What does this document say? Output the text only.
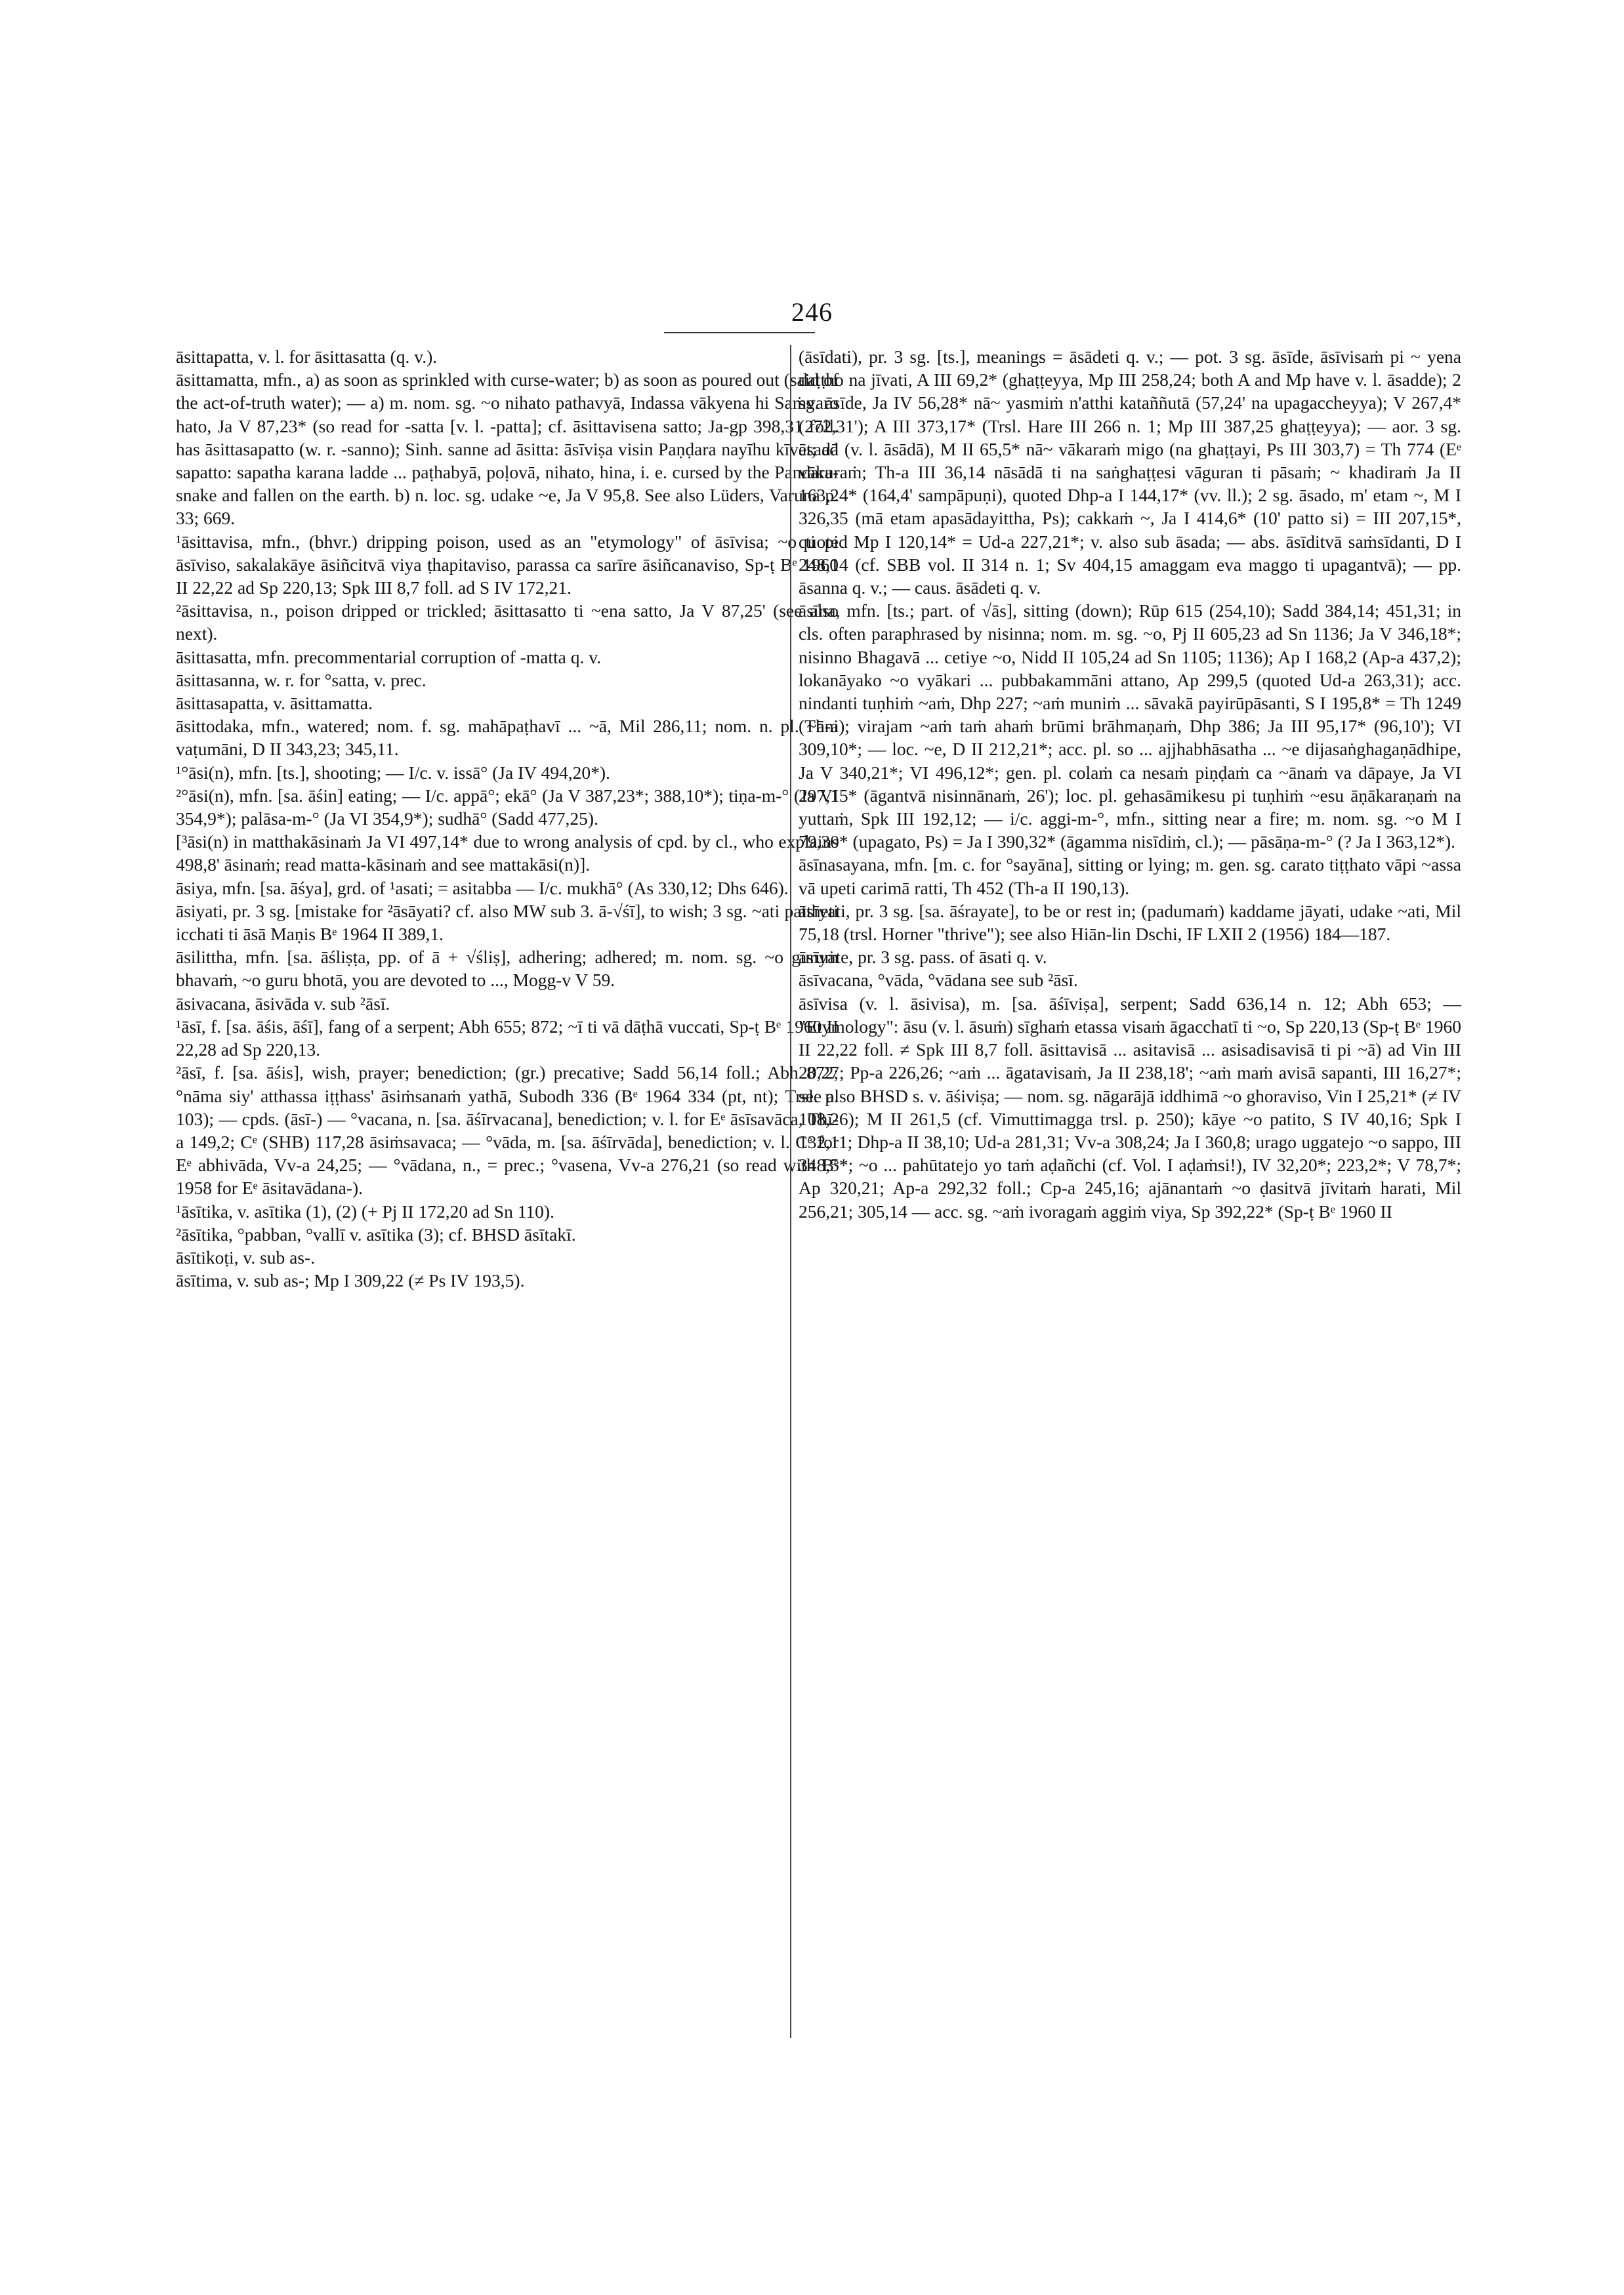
246

āsittapatta, v. l. for āsittasatta (q. v.).

āsittamatta, mfn., a) as soon as sprinkled with curse-water; b) as soon as poured out (said of the act-of-truth water); — a) m. nom. sg. ~o nihato pathavyā, Indassa vākyena hi Saṁvaro hato, Ja V 87,23* (so read for -satta [v. l. -patta]; cf. āsittavisena satto; Ja-gp 398,31 foll. has āsittasapatto (w. r. -sanno); Sinh. sanne ad āsitta: āsīviṣa visin Paṇḍara nayīhu kīvet; ad sapatto: sapatha karana ladde ... paṭhabyā, poḷovā, nihato, hina, i. e. cursed by the Pandara-snake and fallen on the earth. b) n. loc. sg. udake ~e, Ja V 95,8. See also Lüders, Varuna p. 33; 669.

¹āsittavisa, mfn., (bhvr.) dripping poison, used as an "etymology" of āsīvisa; ~o ti pi āsīviso, sakalakāye āsiñcitvā viya ṭhapitaviso, parassa ca sarīre āsiñcanaviso, Sp-ṭ Bᵉ 1960 II 22,22 ad Sp 220,13; Spk III 8,7 foll. ad S IV 172,21.

²āsittavisa, n., poison dripped or trickled; āsittasatto ti ~ena satto, Ja V 87,25' (see also next).

āsittasatta, mfn. precommentarial corruption of -matta q. v.

āsittasanna, w. r. for °satta, v. prec.

āsittasapatta, v. āsittamatta.

āsittodaka, mfn., watered; nom. f. sg. mahāpaṭhavī ... ~ā, Mil 286,11; nom. n. pl. ~āni vaṭumāni, D II 343,23; 345,11.

¹°āsi(n), mfn. [ts.], shooting; — I/c. v. issā° (Ja IV 494,20*).

²°āsi(n), mfn. [sa. āśin] eating; — I/c. appā°; ekā° (Ja V 387,23*; 388,10*); tiṇa-m-° (Ja VI 354,9*); palāsa-m-° (Ja VI 354,9*); sudhā° (Sadd 477,25).

[³āsi(n) in matthakāsinaṁ Ja VI 497,14* due to wrong analysis of cpd. by cl., who explains 498,8' āsinaṁ; read matta-kāsinaṁ and see mattakāsi(n)].

āsiya, mfn. [sa. āśya], grd. of ¹asati; = asitabba — I/c. mukhā° (As 330,12; Dhs 646).

āsiyati, pr. 3 sg. [mistake for ²āsāyati? cf. also MW sub 3. ā-√śī], to wish; 3 sg. ~ati pattheti icchati ti āsā Maṇis Bᵉ 1964 II 389,1.

āsilittha, mfn. [sa. āśliṣṭa, pp. of ā + √śliṣ], adhering; adhered; m. nom. sg. ~o guruṁ bhavaṁ, ~o guru bhotā, you are devoted to ..., Mogg-v V 59.

āsivacana, āsivāda v. sub ²āsī.

¹āsī, f. [sa. āśis, āśī], fang of a serpent; Abh 655; 872; ~ī ti vā dāṭhā vuccati, Sp-ṭ Bᵉ 1960 II 22,28 ad Sp 220,13.

²āsī, f. [sa. āśis], wish, prayer; benediction; (gr.) precative; Sadd 56,14 foll.; Abh 872; °nāma siy' atthassa iṭṭhass' āsiṁsanaṁ yathā, Subodh 336 (Bᵉ 1964 334 (pt, nt); Trsl. p. 103); — cpds. (āsī-) — °vacana, n. [sa. āśīrvacana], benediction; v. l. for Eᵉ āsīsavāca, Thī-a 149,2; Cᵉ (SHB) 117,28 āsiṁsavaca; — °vāda, m. [sa. āśīrvāda], benediction; v. l. Cᵉ for Eᵉ abhivāda, Vv-a 24,25; — °vādana, n., = prec.; °vasena, Vv-a 276,21 (so read with Bᵉ 1958 for Eᵉ āsitavādana-).

¹āsītika, v. asītika (1), (2) (+ Pj II 172,20 ad Sn 110).

²āsītika, °pabban, °vallī v. asītika (3); cf. BHSD āsītakī.

āsītikoṭi, v. sub as-.

āsītima, v. sub as-; Mp I 309,22 (≠ Ps IV 193,5).

(āsīdati), pr. 3 sg. [ts.], meanings = āsādeti q. v.; — pot. 3 sg. āsīde, āsīvisaṁ pi ~ yena daṭṭho na jīvati, A III 69,2* (ghaṭṭeyya, Mp III 258,24; both A and Mp have v. l. āsadde); 2 sg. āsīde, Ja IV 56,28* nā~ yasmiṁ n'atthi kataññutā (57,24' na upagaccheyya); V 267,4* (272,31'); A III 373,17* (Trsl. Hare III 266 n. 1; Mp III 387,25 ghaṭṭeyya); — aor. 3 sg. āsadā (v. l. āsādā), M II 65,5* nā~ vākaraṁ migo (na ghaṭṭayi, Ps III 303,7) = Th 774 (Eᵉ vākuraṁ; Th-a III 36,14 nāsādā ti na saṅghaṭṭesi vāguran ti pāsaṁ; ~ khadiraṁ Ja II 163,24* (164,4' sampāpuṇi), quoted Dhp-a I 144,17* (vv. ll.); 2 sg. āsado, m' etam ~, M I 326,35 (mā etam apasādayittha, Ps); cakkaṁ ~, Ja I 414,6* (10' patto si) = III 207,15*, quoted Mp I 120,14* = Ud-a 227,21*; v. also sub āsada; — abs. āsīditvā saṁsīdanti, D I 248,14 (cf. SBB vol. II 314 n. 1; Sv 404,15 amaggam eva maggo ti upagantvā); — pp. āsanna q. v.; — caus. āsādeti q. v.

āsīna, mfn. [ts.; part. of √ās], sitting (down); Rūp 615 (254,10); Sadd 384,14; 451,31; in cls. often paraphrased by nisinna; nom. m. sg. ~o, Pj II 605,23 ad Sn 1136; Ja V 346,18*; nisinno Bhagavā ... cetiye ~o, Nidd II 105,24 ad Sn 1105; 1136); Ap I 168,2 (Ap-a 437,2); lokanāyako ~o vyākari ... pubbakammāni attano, Ap 299,5 (quoted Ud-a 263,31); acc. nindanti tuṇhiṁ ~aṁ, Dhp 227; ~aṁ muniṁ ... sāvakā payirūpāsanti, S I 195,8* = Th 1249 (Th-a); virajam ~aṁ taṁ ahaṁ brūmi brāhmaṇaṁ, Dhp 386; Ja III 95,17* (96,10'); VI 309,10*; — loc. ~e, D II 212,21*; acc. pl. so ... ajjhabhāsatha ... ~e dijasaṅghagaṇādhipe, Ja V 340,21*; VI 496,12*; gen. pl. colaṁ ca nesaṁ piṇḍaṁ ca ~ānaṁ va dāpaye, Ja VI 297,15* (āgantvā nisinnānaṁ, 26'); loc. pl. gehasāmikesu pi tuṇhiṁ ~esu āṇākaraṇaṁ na yuttaṁ, Spk III 192,12; — i/c. aggi-m-°, mfn., sitting near a fire; m. nom. sg. ~o M I 79,30* (upagato, Ps) = Ja I 390,32* (āgamma nisīdiṁ, cl.); — pāsāṇa-m-° (? Ja I 363,12*).

āsīnasayana, mfn. [m. c. for °sayāna], sitting or lying; m. gen. sg. carato tiṭṭhato vāpi ~assa vā upeti carimā ratti, Th 452 (Th-a II 190,13).

āsīyati, pr. 3 sg. [sa. āśrayate], to be or rest in; (padumaṁ) kaddame jāyati, udake ~ati, Mil 75,18 (trsl. Horner "thrive"); see also Hiān-lin Dschi, IF LXII 2 (1956) 184—187.

āsīyate, pr. 3 sg. pass. of āsati q. v.

āsīvacana, °vāda, °vādana see sub ²āsī.

āsīvisa (v. l. āsivisa), m. [sa. āśīviṣa], serpent; Sadd 636,14 n. 12; Abh 653; — "Etymology": āsu (v. l. āsuṁ) sīghaṁ etassa visaṁ āgacchatī ti ~o, Sp 220,13 (Sp-ṭ Bᵉ 1960 II 22,22 foll. ≠ Spk III 8,7 foll. āsittavisā ... asitavisā ... asisadisavisā ti pi ~ā) ad Vin III 20,27; Pp-a 226,26; ~aṁ ... āgatavisaṁ, Ja II 238,18'; ~aṁ maṁ avisā sapanti, III 16,27*; see also BHSD s. v. āśiviṣa; — nom. sg. nāgarājā iddhimā ~o ghoraviso, Vin I 25,21* (≠ IV 108,26); M II 261,5 (cf. Vimuttimagga trsl. p. 250); kāye ~o patito, S IV 40,16; Spk I 132,11; Dhp-a II 38,10; Ud-a 281,31; Vv-a 308,24; Ja I 360,8; urago uggatejo ~o sappo, III 348,5*; ~o ... pahūtatejo yo taṁ aḍañchi (cf. Vol. I aḍaṁsi!), IV 32,20*; 223,2*; V 78,7*; Ap 320,21; Ap-a 292,32 foll.; Cp-a 245,16; ajānantaṁ ~o ḍasitvā jīvitaṁ harati, Mil 256,21; 305,14 — acc. sg. ~aṁ ivoragaṁ aggiṁ viya, Sp 392,22* (Sp-ṭ Bᵉ 1960 II
